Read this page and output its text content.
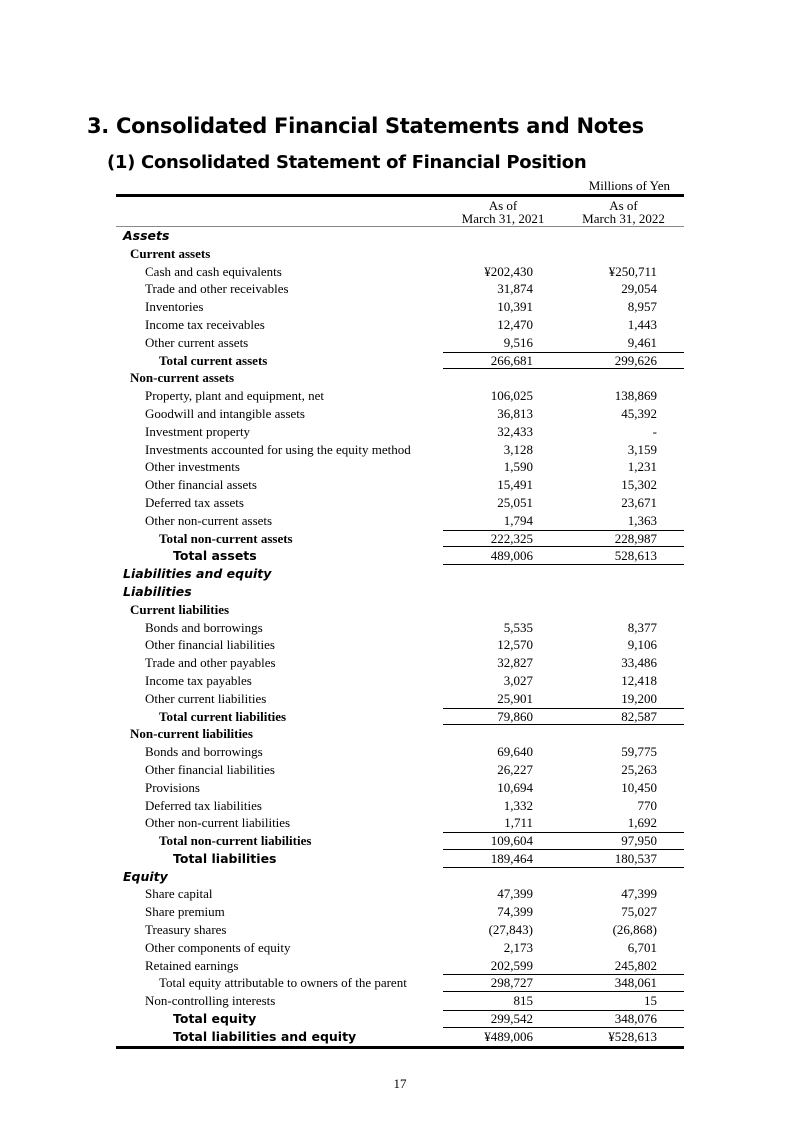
3. Consolidated Financial Statements and Notes
(1) Consolidated Statement of Financial Position
Millions of Yen
As of
March 31, 2021
As of
March 31, 2022
Assets
Current assets
Cash and cash equivalents	¥202,430	¥250,711
Trade and other receivables	31,874	29,054
Inventories	10,391	8,957
Income tax receivables	12,470	1,443
Other current assets	9,516	9,461
Total current assets	266,681	299,626
Non-current assets
Property, plant and equipment, net	106,025	138,869
Goodwill and intangible assets	36,813	45,392
Investment property	32,433	-
Investments accounted for using the equity method	3,128	3,159
Other investments	1,590	1,231
Other financial assets	15,491	15,302
Deferred tax assets	25,051	23,671
Other non-current assets	1,794	1,363
Total non-current assets	222,325	228,987
Total assets	489,006	528,613
Liabilities and equity
Liabilities
Current liabilities
Bonds and borrowings	5,535	8,377
Other financial liabilities	12,570	9,106
Trade and other payables	32,827	33,486
Income tax payables	3,027	12,418
Other current liabilities	25,901	19,200
Total current liabilities	79,860	82,587
Non-current liabilities
Bonds and borrowings	69,640	59,775
Other financial liabilities	26,227	25,263
Provisions	10,694	10,450
Deferred tax liabilities	1,332	770
Other non-current liabilities	1,711	1,692
Total non-current liabilities	109,604	97,950
Total liabilities	189,464	180,537
Equity
Share capital	47,399	47,399
Share premium	74,399	75,027
Treasury shares	(27,843)	(26,868)
Other components of equity	2,173	6,701
Retained earnings	202,599	245,802
Total equity attributable to owners of the parent	298,727	348,061
Non-controlling interests	815	15
Total equity	299,542	348,076
Total liabilities and equity	¥489,006	¥528,613
17
